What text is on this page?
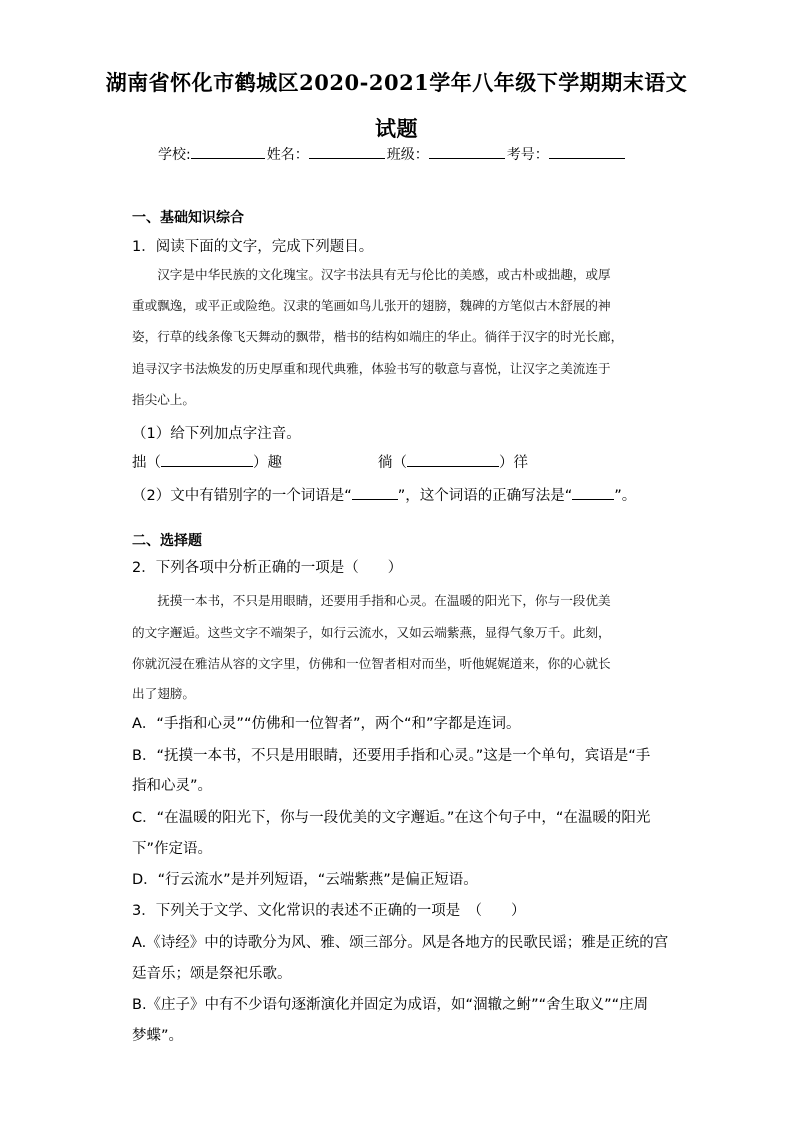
湖南省怀化市鹤城区2020-2021学年八年级下学期期末语文
试题
学校:	姓名：	班级：	考号：
一、基础知识综合
1．阅读下面的文字，完成下列题目。
　　汉字是中华民族的文化瑰宝。汉字书法具有无与伦比的美感，或古朴或拙趣，或厚
重或飘逸，或平正或险绝。汉隶的笔画如鸟儿张开的翅膀，魏碑的方笔似古木舒展的神
姿，行草的线条像飞天舞动的飘带，楷书的结构如端庄的华止。徜徉于汉字的时光长廊，
追寻汉字书法焕发的历史厚重和现代典雅，体验书写的敬意与喜悦，让汉字之美流连于
指尖心上。
（1）给下列加点字注音。
拙（	）趣	徜（	）徉
（2）文中有错别字的一个词语是“	”，这个词语的正确写法是“	”。
二、选择题
2．下列各项中分析正确的一项是（　　）
　　抚摸一本书，不只是用眼睛，还要用手指和心灵。在温暖的阳光下，你与一段优美
的文字邂逅。这些文字不端架子，如行云流水，又如云端紫燕，显得气象万千。此刻，
你就沉浸在雅洁从容的文字里，仿佛和一位智者相对而坐，听他娓娓道来，你的心就长
出了翅膀。
A．“手指和心灵”“仿佛和一位智者”，两个“和”字都是连词。
B．“抚摸一本书，不只是用眼睛，还要用手指和心灵。”这是一个单句，宾语是“手
指和心灵”。
C．“在温暖的阳光下，你与一段优美的文字邂逅。”在这个句子中，“在温暖的阳光
下”作定语。
D．“行云流水”是并列短语，“云端紫燕”是偏正短语。
3．下列关于文学、文化常识的表述不正确的一项是　（　　）
A.《诗经》中的诗歌分为风、雅、颂三部分。风是各地方的民歌民谣；雅是正统的宫
廷音乐；颂是祭祀乐歌。
B.《庄子》中有不少语句逐渐演化并固定为成语，如“涸辙之鲋”“舍生取义”“庄周
梦蝶”。
